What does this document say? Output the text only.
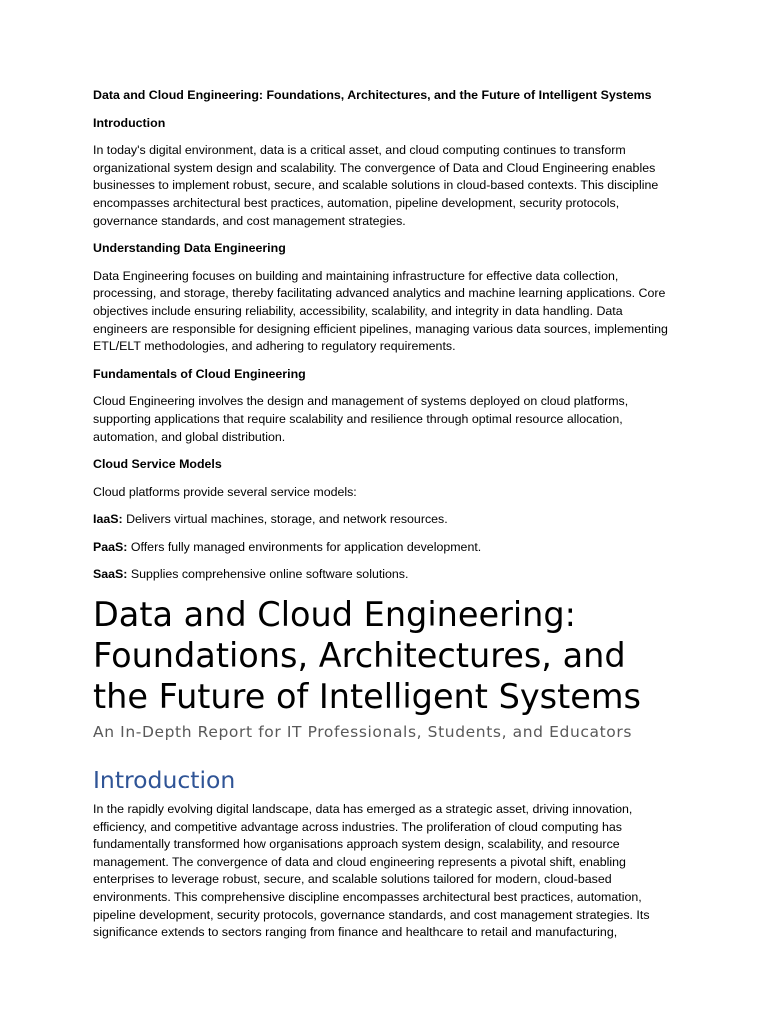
Data and Cloud Engineering: Foundations, Architectures, and the Future of Intelligent Systems

Introduction

In today's digital environment, data is a critical asset, and cloud computing continues to transform organizational system design and scalability. The convergence of Data and Cloud Engineering enables businesses to implement robust, secure, and scalable solutions in cloud-based contexts. This discipline encompasses architectural best practices, automation, pipeline development, security protocols, governance standards, and cost management strategies.

Understanding Data Engineering

Data Engineering focuses on building and maintaining infrastructure for effective data collection, processing, and storage, thereby facilitating advanced analytics and machine learning applications. Core objectives include ensuring reliability, accessibility, scalability, and integrity in data handling. Data engineers are responsible for designing efficient pipelines, managing various data sources, implementing ETL/ELT methodologies, and adhering to regulatory requirements.

Fundamentals of Cloud Engineering

Cloud Engineering involves the design and management of systems deployed on cloud platforms, supporting applications that require scalability and resilience through optimal resource allocation, automation, and global distribution.

Cloud Service Models

Cloud platforms provide several service models:

IaaS: Delivers virtual machines, storage, and network resources.

PaaS: Offers fully managed environments for application development.

SaaS: Supplies comprehensive online software solutions.

Data and Cloud Engineering: Foundations, Architectures, and the Future of Intelligent Systems

An In-Depth Report for IT Professionals, Students, and Educators

Introduction

In the rapidly evolving digital landscape, data has emerged as a strategic asset, driving innovation, efficiency, and competitive advantage across industries. The proliferation of cloud computing has fundamentally transformed how organisations approach system design, scalability, and resource management. The convergence of data and cloud engineering represents a pivotal shift, enabling enterprises to leverage robust, secure, and scalable solutions tailored for modern, cloud-based environments. This comprehensive discipline encompasses architectural best practices, automation, pipeline development, security protocols, governance standards, and cost management strategies. Its significance extends to sectors ranging from finance and healthcare to retail and manufacturing,
